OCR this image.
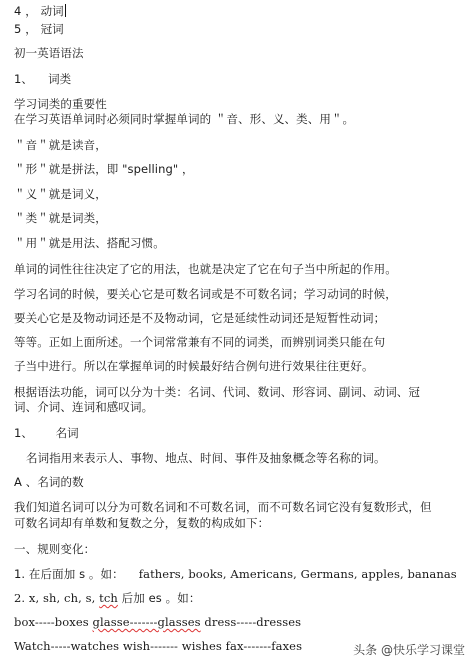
4 ， 动词
5 ， 冠词
初一英语语法
1、 词类
学习词类的重要性
在学习英语单词时必须同时掌握单词的 ＂音、形、义、类、用＂。
＂音＂就是读音，
＂形＂就是拼法，即 "spelling" ，
＂义＂就是词义，
＂类＂就是词类，
＂用＂就是用法、搭配习惯。
单词的词性往往决定了它的用法，也就是决定了它在句子当中所起的作用。
学习名词的时候，要关心它是可数名词或是不可数名词；学习动词的时候，
要关心它是及物动词还是不及物动词，它是延续性动词还是短暂性动词；
等等。正如上面所述。一个词常常兼有不同的词类，而辨别词类只能在句
子当中进行。所以在掌握单词的时候最好结合例句进行效果往往更好。
根据语法功能，词可以分为十类：名词、代词、数词、形容词、副词、动词、冠
词、介词、连词和感叹词。
1、 名词
名词指用来表示人、事物、地点、时间、事件及抽象概念等名称的词。
A 、名词的数
我们知道名词可以分为可数名词和不可数名词，而不可数名词它没有复数形式，但
可数名词却有单数和复数之分，复数的构成如下：
一、规则变化：
1. 在后面加 s 。如： fathers, books, Americans, Germans, apples, bananas
2. x, sh, ch, s, tch 后加 es 。如：
box-----boxes glasse-------glasses dress-----dresses
Watch-----watches wish------- wishes fax-------faxes	头条 @快乐学习课堂
